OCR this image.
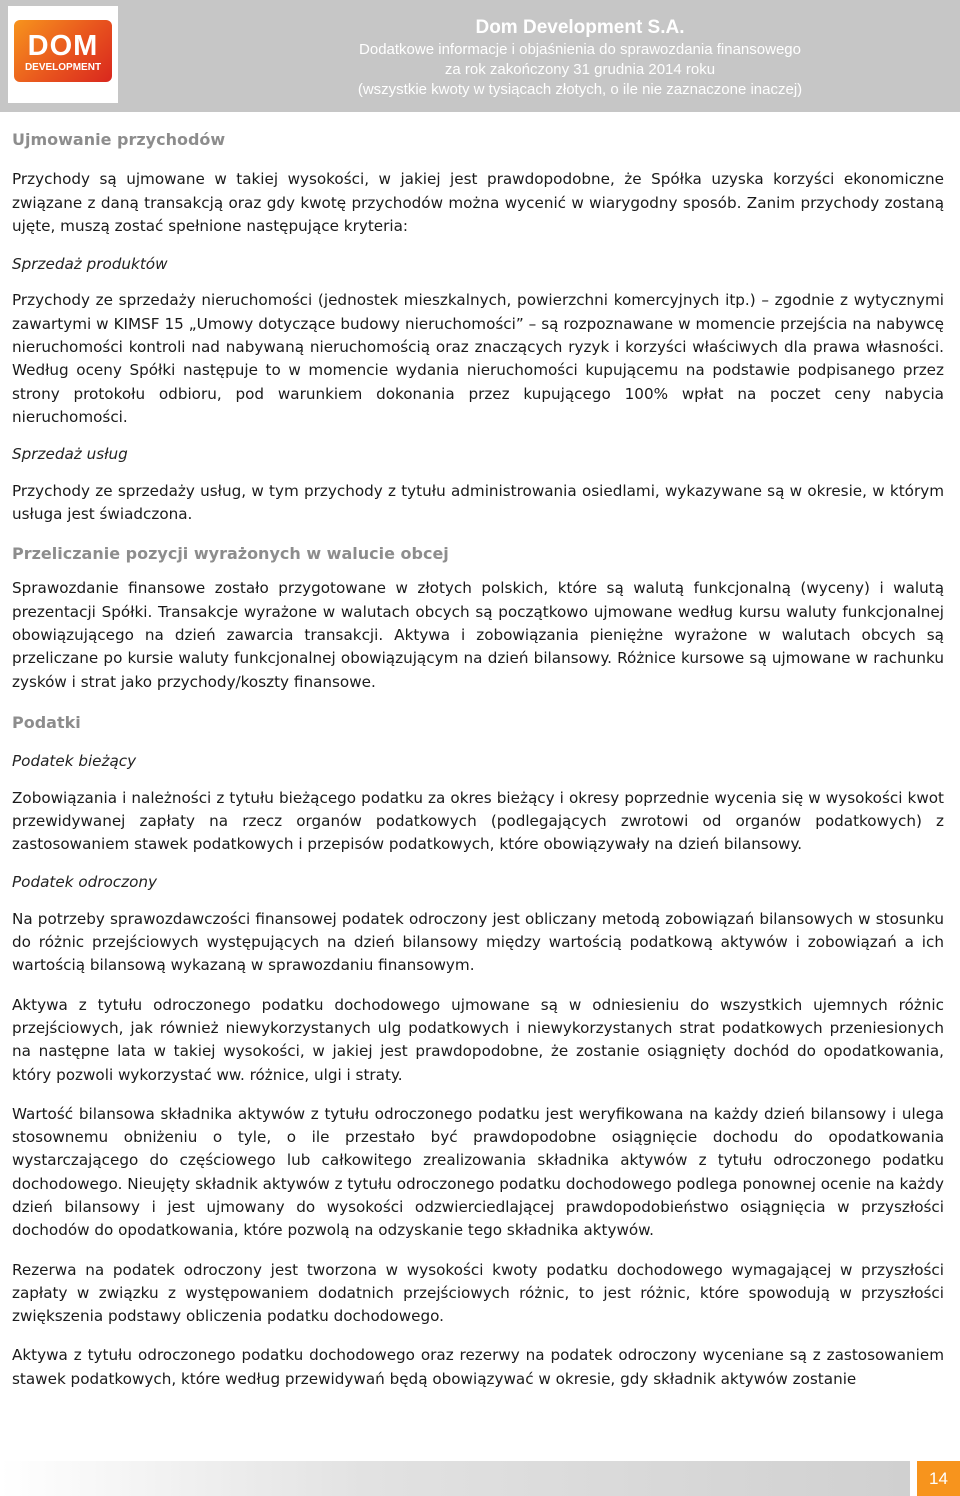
DOM
DEVELOPMENT
Dom Development S.A.
Dodatkowe informacje i objaśnienia do sprawozdania finansowego
za rok zakończony 31 grudnia 2014 roku
(wszystkie kwoty w tysiącach złotych, o ile nie zaznaczone inaczej)
Ujmowanie przychodów

Przychody są ujmowane w takiej wysokości, w jakiej jest prawdopodobne, że Spółka uzyska korzyści ekonomiczne związane z daną transakcją oraz gdy kwotę przychodów można wycenić w wiarygodny sposób. Zanim przychody zostaną ujęte, muszą zostać spełnione następujące kryteria:

Sprzedaż produktów

Przychody ze sprzedaży nieruchomości (jednostek mieszkalnych, powierzchni komercyjnych itp.) – zgodnie z wytycznymi zawartymi w KIMSF 15 „Umowy dotyczące budowy nieruchomości” – są rozpoznawane w momencie przejścia na nabywcę nieruchomości kontroli nad nabywaną nieruchomością oraz znaczących ryzyk i korzyści właściwych dla prawa własności. Według oceny Spółki następuje to w momencie wydania nieruchomości kupującemu na podstawie podpisanego przez strony protokołu odbioru, pod warunkiem dokonania przez kupującego 100% wpłat na poczet ceny nabycia nieruchomości.

Sprzedaż usług

Przychody ze sprzedaży usług, w tym przychody z tytułu administrowania osiedlami, wykazywane są w okresie, w którym usługa jest świadczona.

Przeliczanie pozycji wyrażonych w walucie obcej

Sprawozdanie finansowe zostało przygotowane w złotych polskich, które są walutą funkcjonalną (wyceny) i walutą prezentacji Spółki. Transakcje wyrażone w walutach obcych są początkowo ujmowane według kursu waluty funkcjonalnej obowiązującego na dzień zawarcia transakcji. Aktywa i zobowiązania pieniężne wyrażone w walutach obcych są przeliczane po kursie waluty funkcjonalnej obowiązującym na dzień bilansowy. Różnice kursowe są ujmowane w rachunku zysków i strat jako przychody/koszty finansowe.

Podatki

Podatek bieżący

Zobowiązania i należności z tytułu bieżącego podatku za okres bieżący i okresy poprzednie wycenia się w wysokości kwot przewidywanej zapłaty na rzecz organów podatkowych (podlegających zwrotowi od organów podatkowych) z zastosowaniem stawek podatkowych i przepisów podatkowych, które obowiązywały na dzień bilansowy.

Podatek odroczony

Na potrzeby sprawozdawczości finansowej podatek odroczony jest obliczany metodą zobowiązań bilansowych w stosunku do różnic przejściowych występujących na dzień bilansowy między wartością podatkową aktywów i zobowiązań a ich wartością bilansową wykazaną w sprawozdaniu finansowym.

Aktywa z tytułu odroczonego podatku dochodowego ujmowane są w odniesieniu do wszystkich ujemnych różnic przejściowych, jak również niewykorzystanych ulg podatkowych i niewykorzystanych strat podatkowych przeniesionych na następne lata w takiej wysokości, w jakiej jest prawdopodobne, że zostanie osiągnięty dochód do opodatkowania, który pozwoli wykorzystać ww. różnice, ulgi i straty.

Wartość bilansowa składnika aktywów z tytułu odroczonego podatku jest weryfikowana na każdy dzień bilansowy i ulega stosownemu obniżeniu o tyle, o ile przestało być prawdopodobne osiągnięcie dochodu do opodatkowania wystarczającego do częściowego lub całkowitego zrealizowania składnika aktywów z tytułu odroczonego podatku dochodowego. Nieujęty składnik aktywów z tytułu odroczonego podatku dochodowego podlega ponownej ocenie na każdy dzień bilansowy i jest ujmowany do wysokości odzwierciedlającej prawdopodobieństwo osiągnięcia w przyszłości dochodów do opodatkowania, które pozwolą na odzyskanie tego składnika aktywów.

Rezerwa na podatek odroczony jest tworzona w wysokości kwoty podatku dochodowego wymagającej w przyszłości zapłaty w związku z występowaniem dodatnich przejściowych różnic, to jest różnic, które spowodują w przyszłości zwiększenia podstawy obliczenia podatku dochodowego.

Aktywa z tytułu odroczonego podatku dochodowego oraz rezerwy na podatek odroczony wyceniane są z zastosowaniem stawek podatkowych, które według przewidywań będą obowiązywać w okresie, gdy składnik aktywów zostanie

14
